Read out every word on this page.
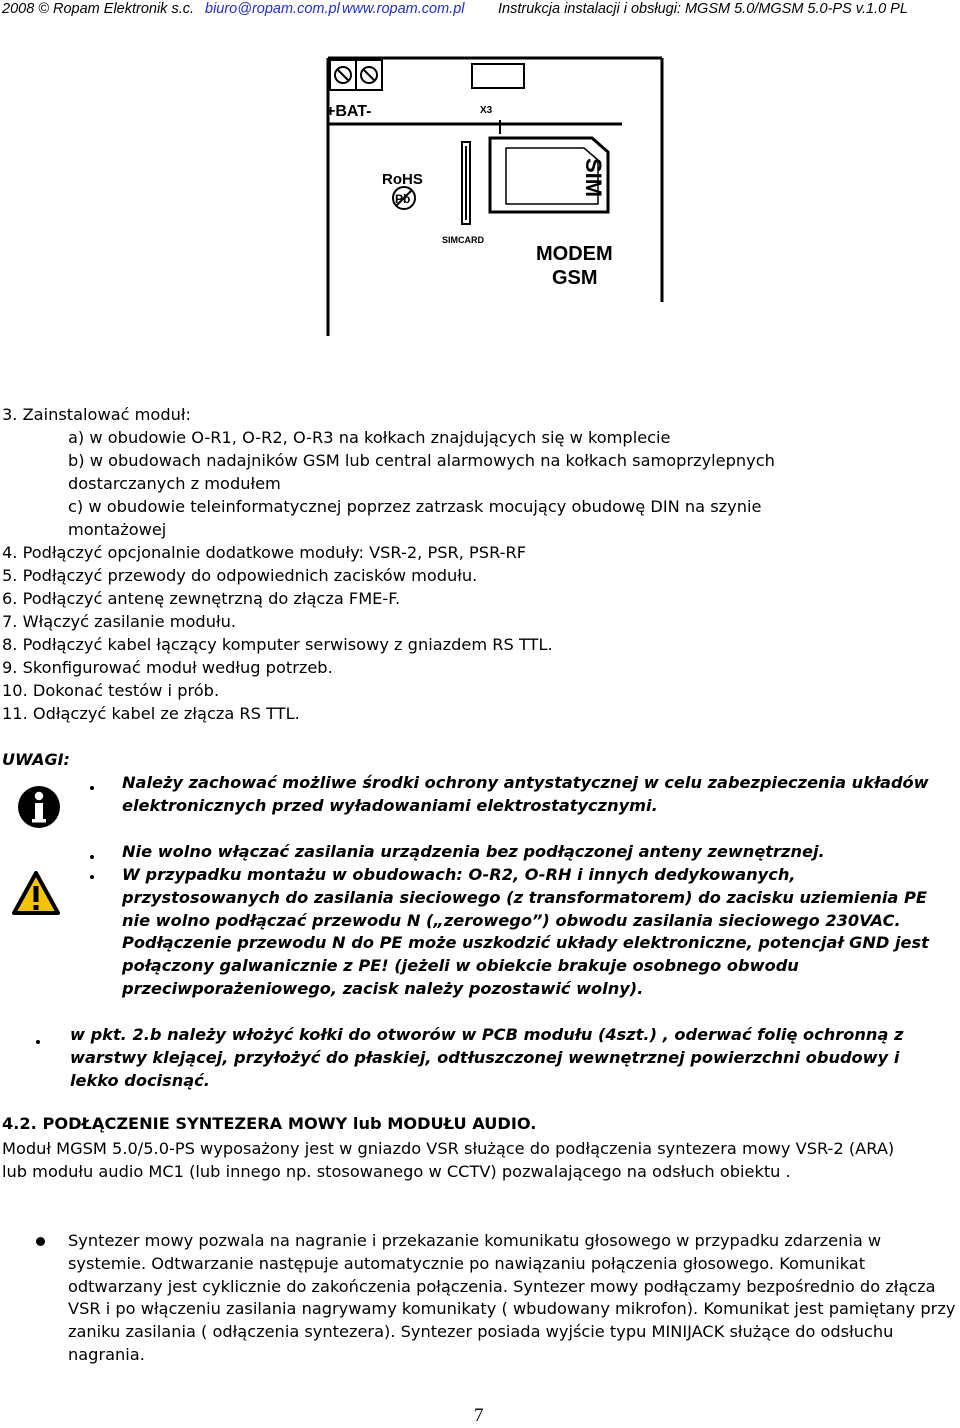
2008 © Ropam Elektronik s.c. biuro@ropam.com.pl www.ropam.com.pl Instrukcja instalacji i obsługi: MGSM 5.0/MGSM 5.0-PS v.1.0 PL
+BAT-	X3
RoHS
Pb
SIMCARD
SIM
MODEM
GSM
3. Zainstalować moduł:
a) w obudowie O-R1, O-R2, O-R3 na kołkach znajdujących się w komplecie
b) w obudowach nadajników GSM lub central alarmowych na kołkach samoprzylepnych
dostarczanych z modułem
c) w obudowie teleinformatycznej poprzez zatrzask mocujący obudowę DIN na szynie
montażowej
4. Podłączyć opcjonalnie dodatkowe moduły: VSR-2, PSR, PSR-RF
5. Podłączyć przewody do odpowiednich zacisków modułu.
6. Podłączyć antenę zewnętrzną do złącza FME-F.
7. Włączyć zasilanie modułu.
8. Podłączyć kabel łączący komputer serwisowy z gniazdem RS TTL.
9. Skonfigurować moduł według potrzeb.
10. Dokonać testów i prób.
11. Odłączyć kabel ze złącza RS TTL.
UWAGI:
Należy zachować możliwe środki ochrony antystatycznej w celu zabezpieczenia układów elektronicznych przed wyładowaniami elektrostatycznymi.
Nie wolno włączać zasilania urządzenia bez podłączonej anteny zewnętrznej.
W przypadku montażu w obudowach: O-R2, O-RH i innych dedykowanych, przystosowanych do zasilania sieciowego (z transformatorem) do zacisku uziemienia PE nie wolno podłączać przewodu N („zerowego”) obwodu zasilania sieciowego 230VAC. Podłączenie przewodu N do PE może uszkodzić układy elektroniczne, potencjał GND jest połączony galwanicznie z PE! (jeżeli w obiekcie brakuje osobnego obwodu przeciwporażeniowego, zacisk należy pozostawić wolny).
w pkt. 2.b należy włożyć kołki do otworów w PCB modułu (4szt.) , oderwać folię ochronną z warstwy klejącej, przyłożyć do płaskiej, odtłuszczonej wewnętrznej powierzchni obudowy i lekko docisnąć.
4.2. PODŁĄCZENIE SYNTEZERA MOWY lub MODUŁU AUDIO.
Moduł MGSM 5.0/5.0-PS wyposażony jest w gniazdo VSR służące do podłączenia syntezera mowy VSR-2 (ARA) lub modułu audio MC1 (lub innego np. stosowanego w CCTV) pozwalającego na odsłuch obiektu .
Syntezer mowy pozwala na nagranie i przekazanie komunikatu głosowego w przypadku zdarzenia w systemie. Odtwarzanie następuje automatycznie po nawiązaniu połączenia głosowego. Komunikat odtwarzany jest cyklicznie do zakończenia połączenia. Syntezer mowy podłączamy bezpośrednio do złącza VSR i po włączeniu zasilania nagrywamy komunikaty ( wbudowany mikrofon). Komunikat jest pamiętany przy zaniku zasilania ( odłączenia syntezera). Syntezer posiada wyjście typu MINIJACK służące do odsłuchu nagrania.
7
